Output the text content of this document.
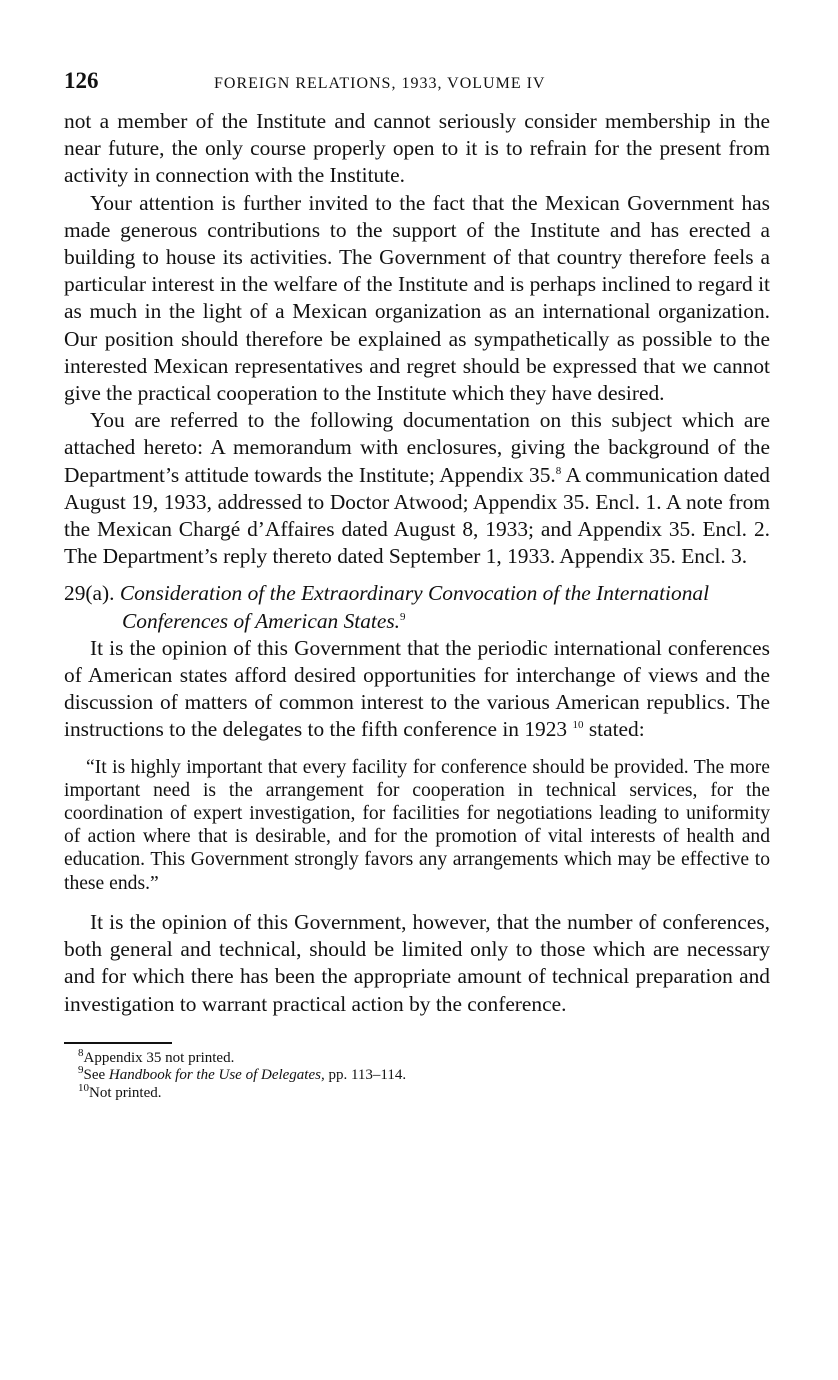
126	FOREIGN RELATIONS, 1933, VOLUME IV

not a member of the Institute and cannot seriously consider membership in the near future, the only course properly open to it is to refrain for the present from activity in connection with the Institute.

Your attention is further invited to the fact that the Mexican Government has made generous contributions to the support of the Institute and has erected a building to house its activities. The Government of that country therefore feels a particular interest in the welfare of the Institute and is perhaps inclined to regard it as much in the light of a Mexican organization as an international organization. Our position should therefore be explained as sympathetically as possible to the interested Mexican representatives and regret should be expressed that we cannot give the practical cooperation to the Institute which they have desired.

You are referred to the following documentation on this subject which are attached hereto: A memorandum with enclosures, giving the background of the Department’s attitude towards the Institute; Appendix 35.$^8$ A communication dated August 19, 1933, addressed to Doctor Atwood; Appendix 35. Encl. 1. A note from the Mexican Chargé d’Affaires dated August 8, 1933; and Appendix 35. Encl. 2. The Department’s reply thereto dated September 1, 1933. Appendix 35. Encl. 3.

29(a). Consideration of the Extraordinary Convocation of the International Conferences of American States.$^9$

It is the opinion of this Government that the periodic international conferences of American states afford desired opportunities for interchange of views and the discussion of matters of common interest to the various American republics. The instructions to the delegates to the fifth conference in 1923 $^{10}$ stated:

“It is highly important that every facility for conference should be provided. The more important need is the arrangement for cooperation in technical services, for the coordination of expert investigation, for facilities for negotiations leading to uniformity of action where that is desirable, and for the promotion of vital interests of health and education. This Government strongly favors any arrangements which may be effective to these ends.”

It is the opinion of this Government, however, that the number of conferences, both general and technical, should be limited only to those which are necessary and for which there has been the appropriate amount of technical preparation and investigation to warrant practical action by the conference.

$^8$Appendix 35 not printed.
$^9$See Handbook for the Use of Delegates, pp. 113–114.
$^{10}$Not printed.
